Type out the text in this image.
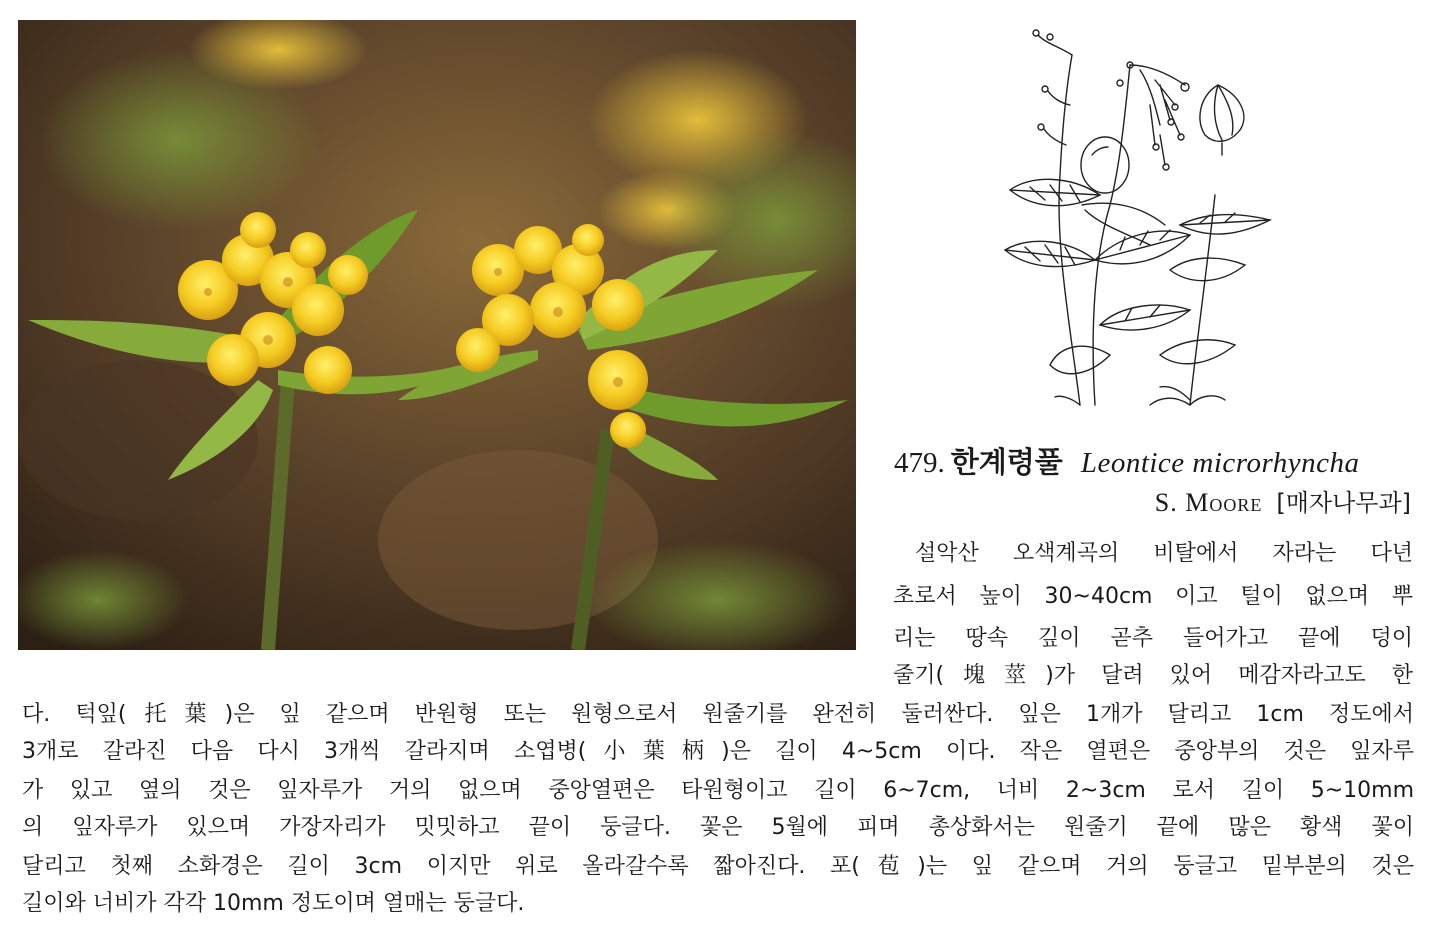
479. 한계령풀 Leontice microrhyncha
S. Moore [매자나무과]
설악산 오색계곡의 비탈에서 자라는 다년
초로서 높이 30~40cm 이고 털이 없으며 뿌
리는 땅속 깊이 곧추 들어가고 끝에 덩이
줄기(塊莖)가 달려 있어 메감자라고도 한
다. 턱잎(托葉)은 잎 같으며 반원형 또는 원형으로서 원줄기를 완전히 둘러싼다. 잎은 1개가 달리고 1cm 정도에서
3개로 갈라진 다음 다시 3개씩 갈라지며 소엽병(小葉柄)은 길이 4~5cm 이다. 작은 열편은 중앙부의 것은 잎자루
가 있고 옆의 것은 잎자루가 거의 없으며 중앙열편은 타원형이고 길이 6~7cm, 너비 2~3cm 로서 길이 5~10mm
의 잎자루가 있으며 가장자리가 밋밋하고 끝이 둥글다. 꽃은 5월에 피며 총상화서는 원줄기 끝에 많은 황색 꽃이
달리고 첫째 소화경은 길이 3cm 이지만 위로 올라갈수록 짧아진다. 포(苞)는 잎 같으며 거의 둥글고 밑부분의 것은
길이와 너비가 각각 10mm 정도이며 열매는 둥글다.
